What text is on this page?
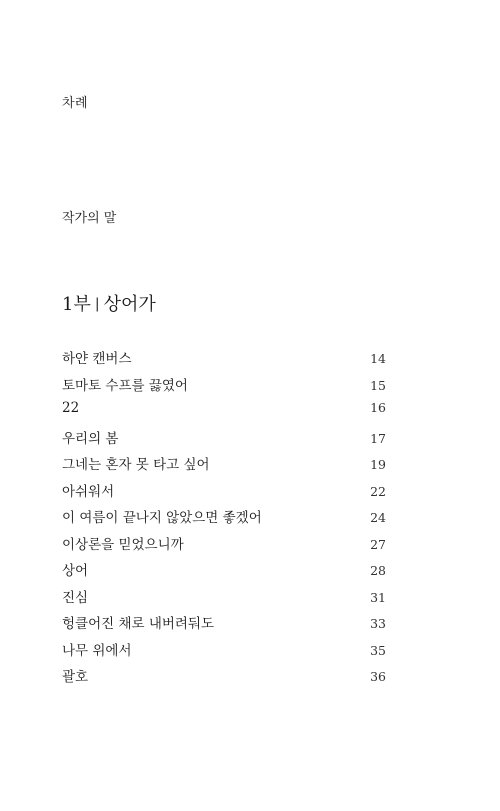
차례
작가의 말
1부 | 상어가
하얀 캔버스	14
토마토 수프를 끓였어	15
22	16
우리의 봄	17
그네는 혼자 못 타고 싶어	19
아쉬워서	22
이 여름이 끝나지 않았으면 좋겠어	24
이상론을 믿었으니까	27
상어	28
진심	31
헝클어진 채로 내버려둬도	33
나무 위에서	35
괄호	36
